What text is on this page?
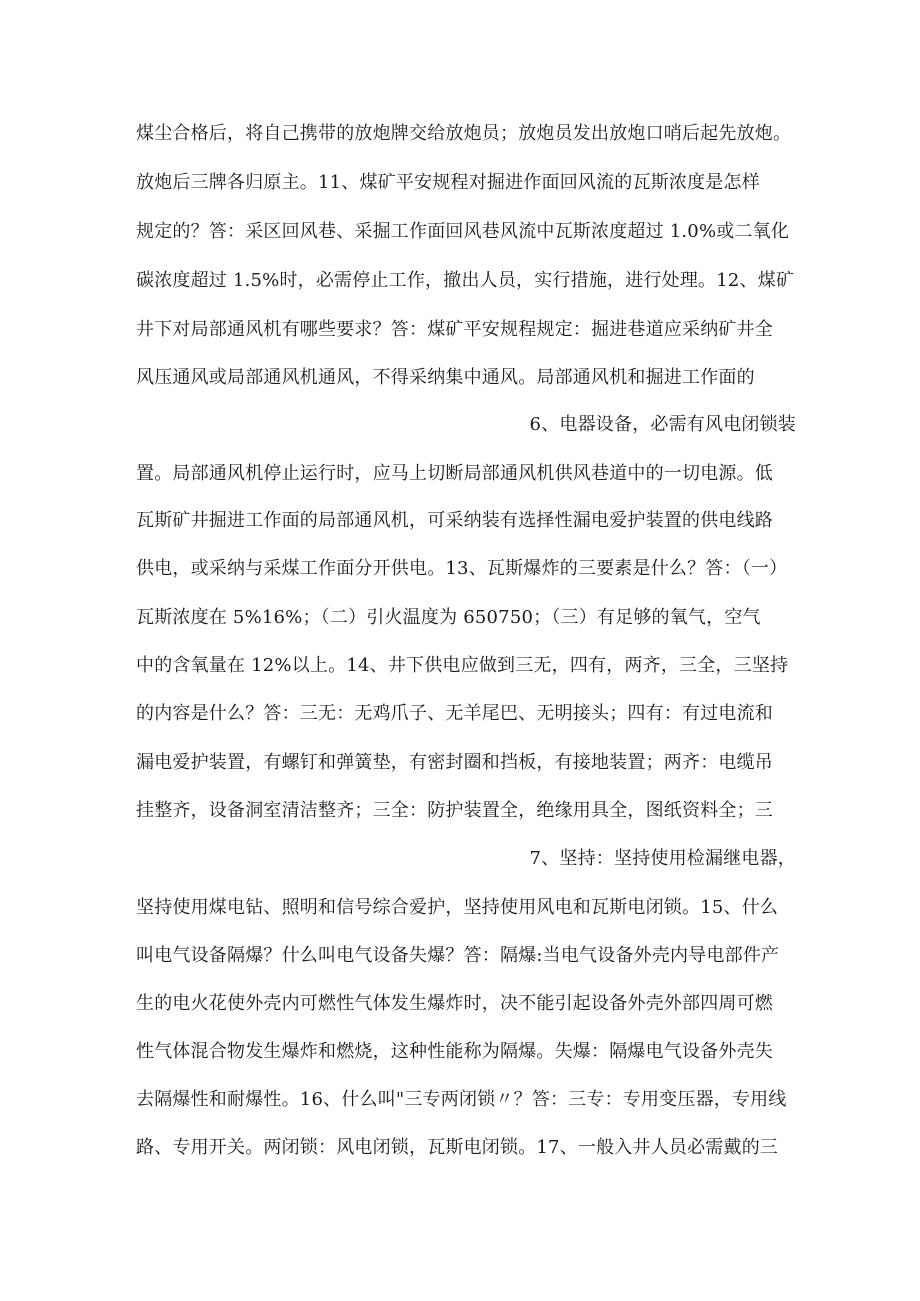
煤尘合格后，将自己携带的放炮牌交给放炮员；放炮员发出放炮口哨后起先放炮。
放炮后三牌各归原主。11、煤矿平安规程对掘进作面回风流的瓦斯浓度是怎样
规定的？答：采区回风巷、采掘工作面回风巷风流中瓦斯浓度超过 1.0%或二氧化
碳浓度超过 1.5%时，必需停止工作，撤出人员，实行措施，进行处理。12、煤矿
井下对局部通风机有哪些要求？答：煤矿平安规程规定：掘进巷道应采纳矿井全
风压通风或局部通风机通风，不得采纳集中通风。局部通风机和掘进工作面的
6、电器设备，必需有风电闭锁装
置。局部通风机停止运行时，应马上切断局部通风机供风巷道中的一切电源。低
瓦斯矿井掘进工作面的局部通风机，可采纳装有选择性漏电爱护装置的供电线路
供电，或采纳与采煤工作面分开供电。13、瓦斯爆炸的三要素是什么？答：（一）
瓦斯浓度在 5%16%；（二）引火温度为 650750；（三）有足够的氧气，空气
中的含氧量在 12%以上。14、井下供电应做到三无，四有，两齐，三全，三坚持
的内容是什么？答：三无：无鸡爪子、无羊尾巴、无明接头；四有：有过电流和
漏电爱护装置，有螺钉和弹簧垫，有密封圈和挡板，有接地装置；两齐：电缆吊
挂整齐，设备洞室清洁整齐；三全：防护装置全，绝缘用具全，图纸资料全；三
7、坚持：坚持使用检漏继电器，
坚持使用煤电钻、照明和信号综合爱护，坚持使用风电和瓦斯电闭锁。15、什么
叫电气设备隔爆？什么叫电气设备失爆？答：隔爆:当电气设备外壳内导电部件产
生的电火花使外壳内可燃性气体发生爆炸时，决不能引起设备外壳外部四周可燃
性气体混合物发生爆炸和燃烧，这种性能称为隔爆。失爆：隔爆电气设备外壳失
去隔爆性和耐爆性。16、什么叫"三专两闭锁〃？答：三专：专用变压器，专用线
路、专用开关。两闭锁：风电闭锁，瓦斯电闭锁。17、一般入井人员必需戴的三
